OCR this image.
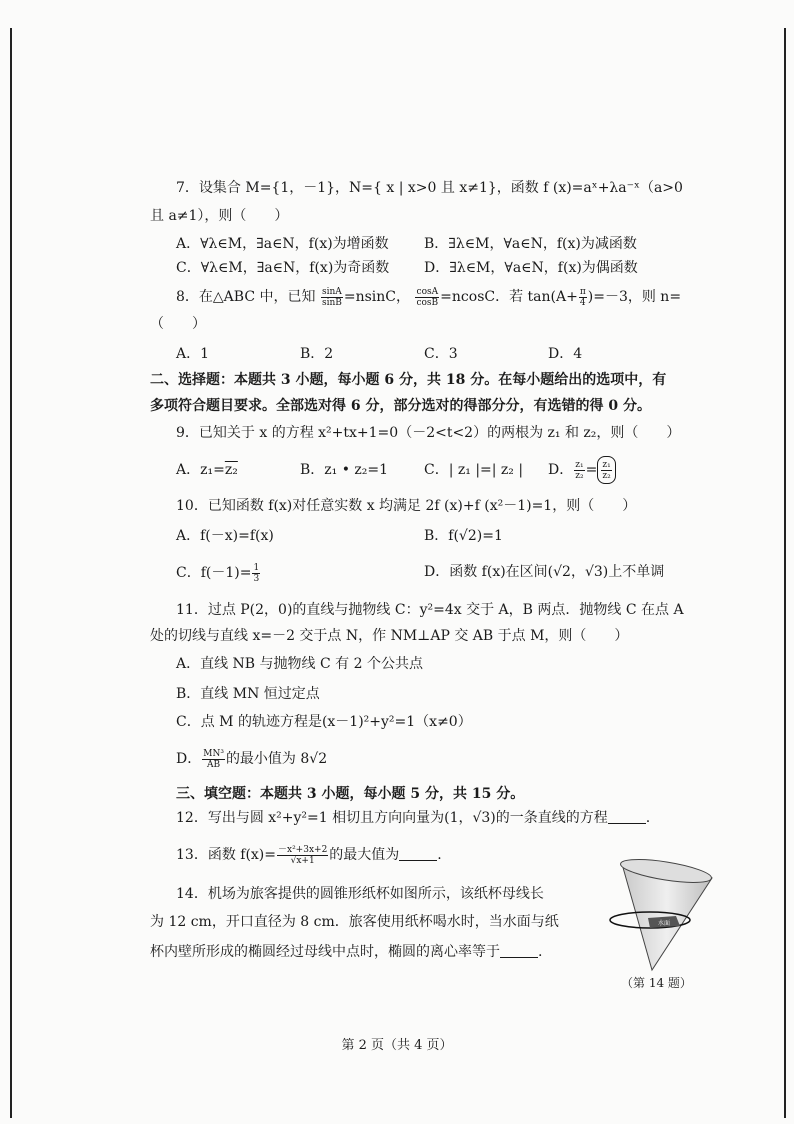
7．设集合 M={1，－1}，N={ x | x>0 且 x≠1}，函数 f (x)=aˣ+λa⁻ˣ（a>0
且 a≠1），则（　　）
A．∀λ∈M，∃a∈N，f(x)为增函数	B．∃λ∈M，∀a∈N，f(x)为减函数
C．∀λ∈M，∃a∈N，f(x)为奇函数 D．∃λ∈M，∀a∈N，f(x)为偶函数
8．在△ABC 中，已知 $\frac{\sin A}{\sin B} =nsinC$， $\frac{\cos A}{\cos B} =ncosC$．若 $\tan(A+ \frac{\pi}{4} )=-3$，则 n=
（　　）
A．1	B．2	C．3	D．4
二、选择题：本题共 3 小题，每小题 6 分，共 18 分。在每小题给出的选项中，有
多项符合题目要求。全部选对得 6 分，部分选对的得部分分，有选错的得 0 分。
9．已知关于 x 的方程 x²+tx+1=0（－2<t<2）的两根为 z₁ 和 z₂，则（　　）
A．z₁=z₂	B．z₁ • z₂=1	C．| z₁ |=| z₂ | D． $\frac{\text{z₁}}{\text{z₂}} = \frac{\text{z₁}}{\text{z₂}}$
10．已知函数 f(x)对任意实数 x 均满足 2f (x)+f (x²－1)=1，则（　　）
A．f(－x)=f(x)	B．f(√2)=1
C．$f(-1)= \frac{1}{3}$	D．函数 f(x)在区间(√2，√3)上不单调
11．过点 P(2，0)的直线与抛物线 C：y²=4x 交于 A，B 两点．抛物线 C 在点 A
处的切线与直线 x=－2 交于点 N，作 NM⊥AP 交 AB 于点 M，则（　　）
A．直线 NB 与抛物线 C 有 2 个公共点
B．直线 MN 恒过定点
C．点 M 的轨迹方程是(x－1)²+y²=1（x≠0）
D． $\frac{\text{MN³}}{AB}$ 的最小值为 8√2
三、填空题：本题共 3 小题，每小题 5 分，共 15 分。
12．写出与圆 x²+y²=1 相切且方向向量为(1，√3)的一条直线的方程	.
13．函数 $f(x)= \frac{\text{－x²+3x+2}}{√x+1}$ 的最大值为	.
14．机场为旅客提供的圆锥形纸杯如图所示，该纸杯母线长
为 12 cm，开口直径为 8 cm．旅客使用纸杯喝水时，当水面与纸
杯内壁所形成的椭圆经过母线中点时，椭圆的离心率等于	.
水面
（第 14 题）
第 2 页（共 4 页）
